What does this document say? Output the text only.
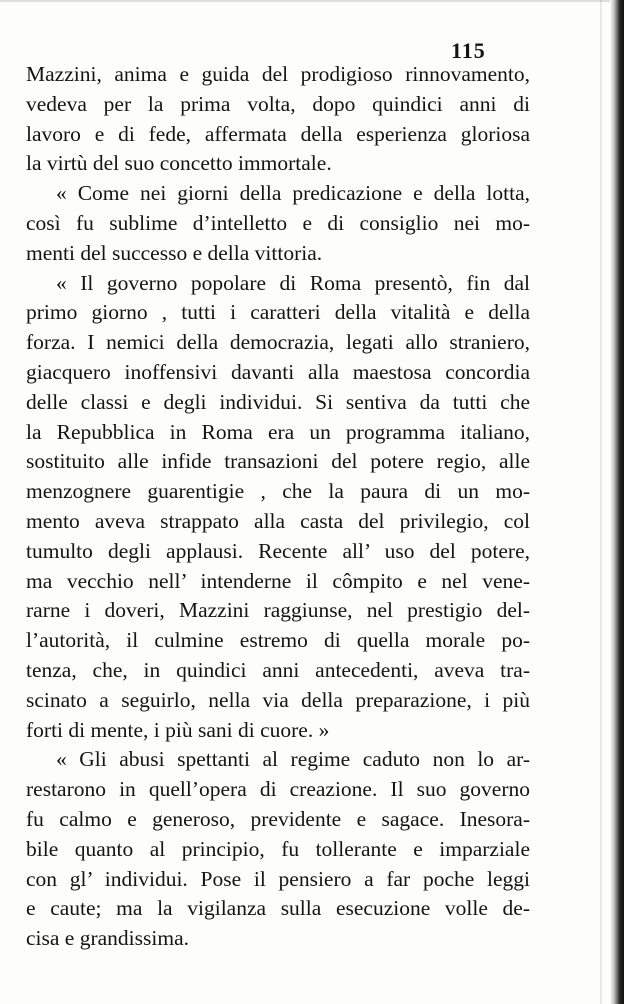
115
Mazzini, anima e guida del prodigioso rinnovamento,
vedeva per la prima volta, dopo quindici anni di
lavoro e di fede, affermata della esperienza gloriosa
la virtù del suo concetto immortale.
« Come nei giorni della predicazione e della lotta,
così fu sublime d’intelletto e di consiglio nei mo-
menti del successo e della vittoria.
« Il governo popolare di Roma presentò, fin dal
primo giorno , tutti i caratteri della vitalità e della
forza. I nemici della democrazia, legati allo straniero,
giacquero inoffensivi davanti alla maestosa concordia
delle classi e degli individui. Si sentiva da tutti che
la Repubblica in Roma era un programma italiano,
sostituito alle infide transazioni del potere regio, alle
menzognere guarentigie , che la paura di un mo-
mento aveva strappato alla casta del privilegio, col
tumulto degli applausi. Recente all’ uso del potere,
ma vecchio nell’ intenderne il cômpito e nel vene-
rarne i doveri, Mazzini raggiunse, nel prestigio del-
l’autorità, il culmine estremo di quella morale po-
tenza, che, in quindici anni antecedenti, aveva tra-
scinato a seguirlo, nella via della preparazione, i più
forti di mente, i più sani di cuore. »
« Gli abusi spettanti al regime caduto non lo ar-
restarono in quell’opera di creazione. Il suo governo
fu calmo e generoso, previdente e sagace. Inesora-
bile quanto al principio, fu tollerante e imparziale
con gl’ individui. Pose il pensiero a far poche leggi
e caute; ma la vigilanza sulla esecuzione volle de-
cisa e grandissima.
